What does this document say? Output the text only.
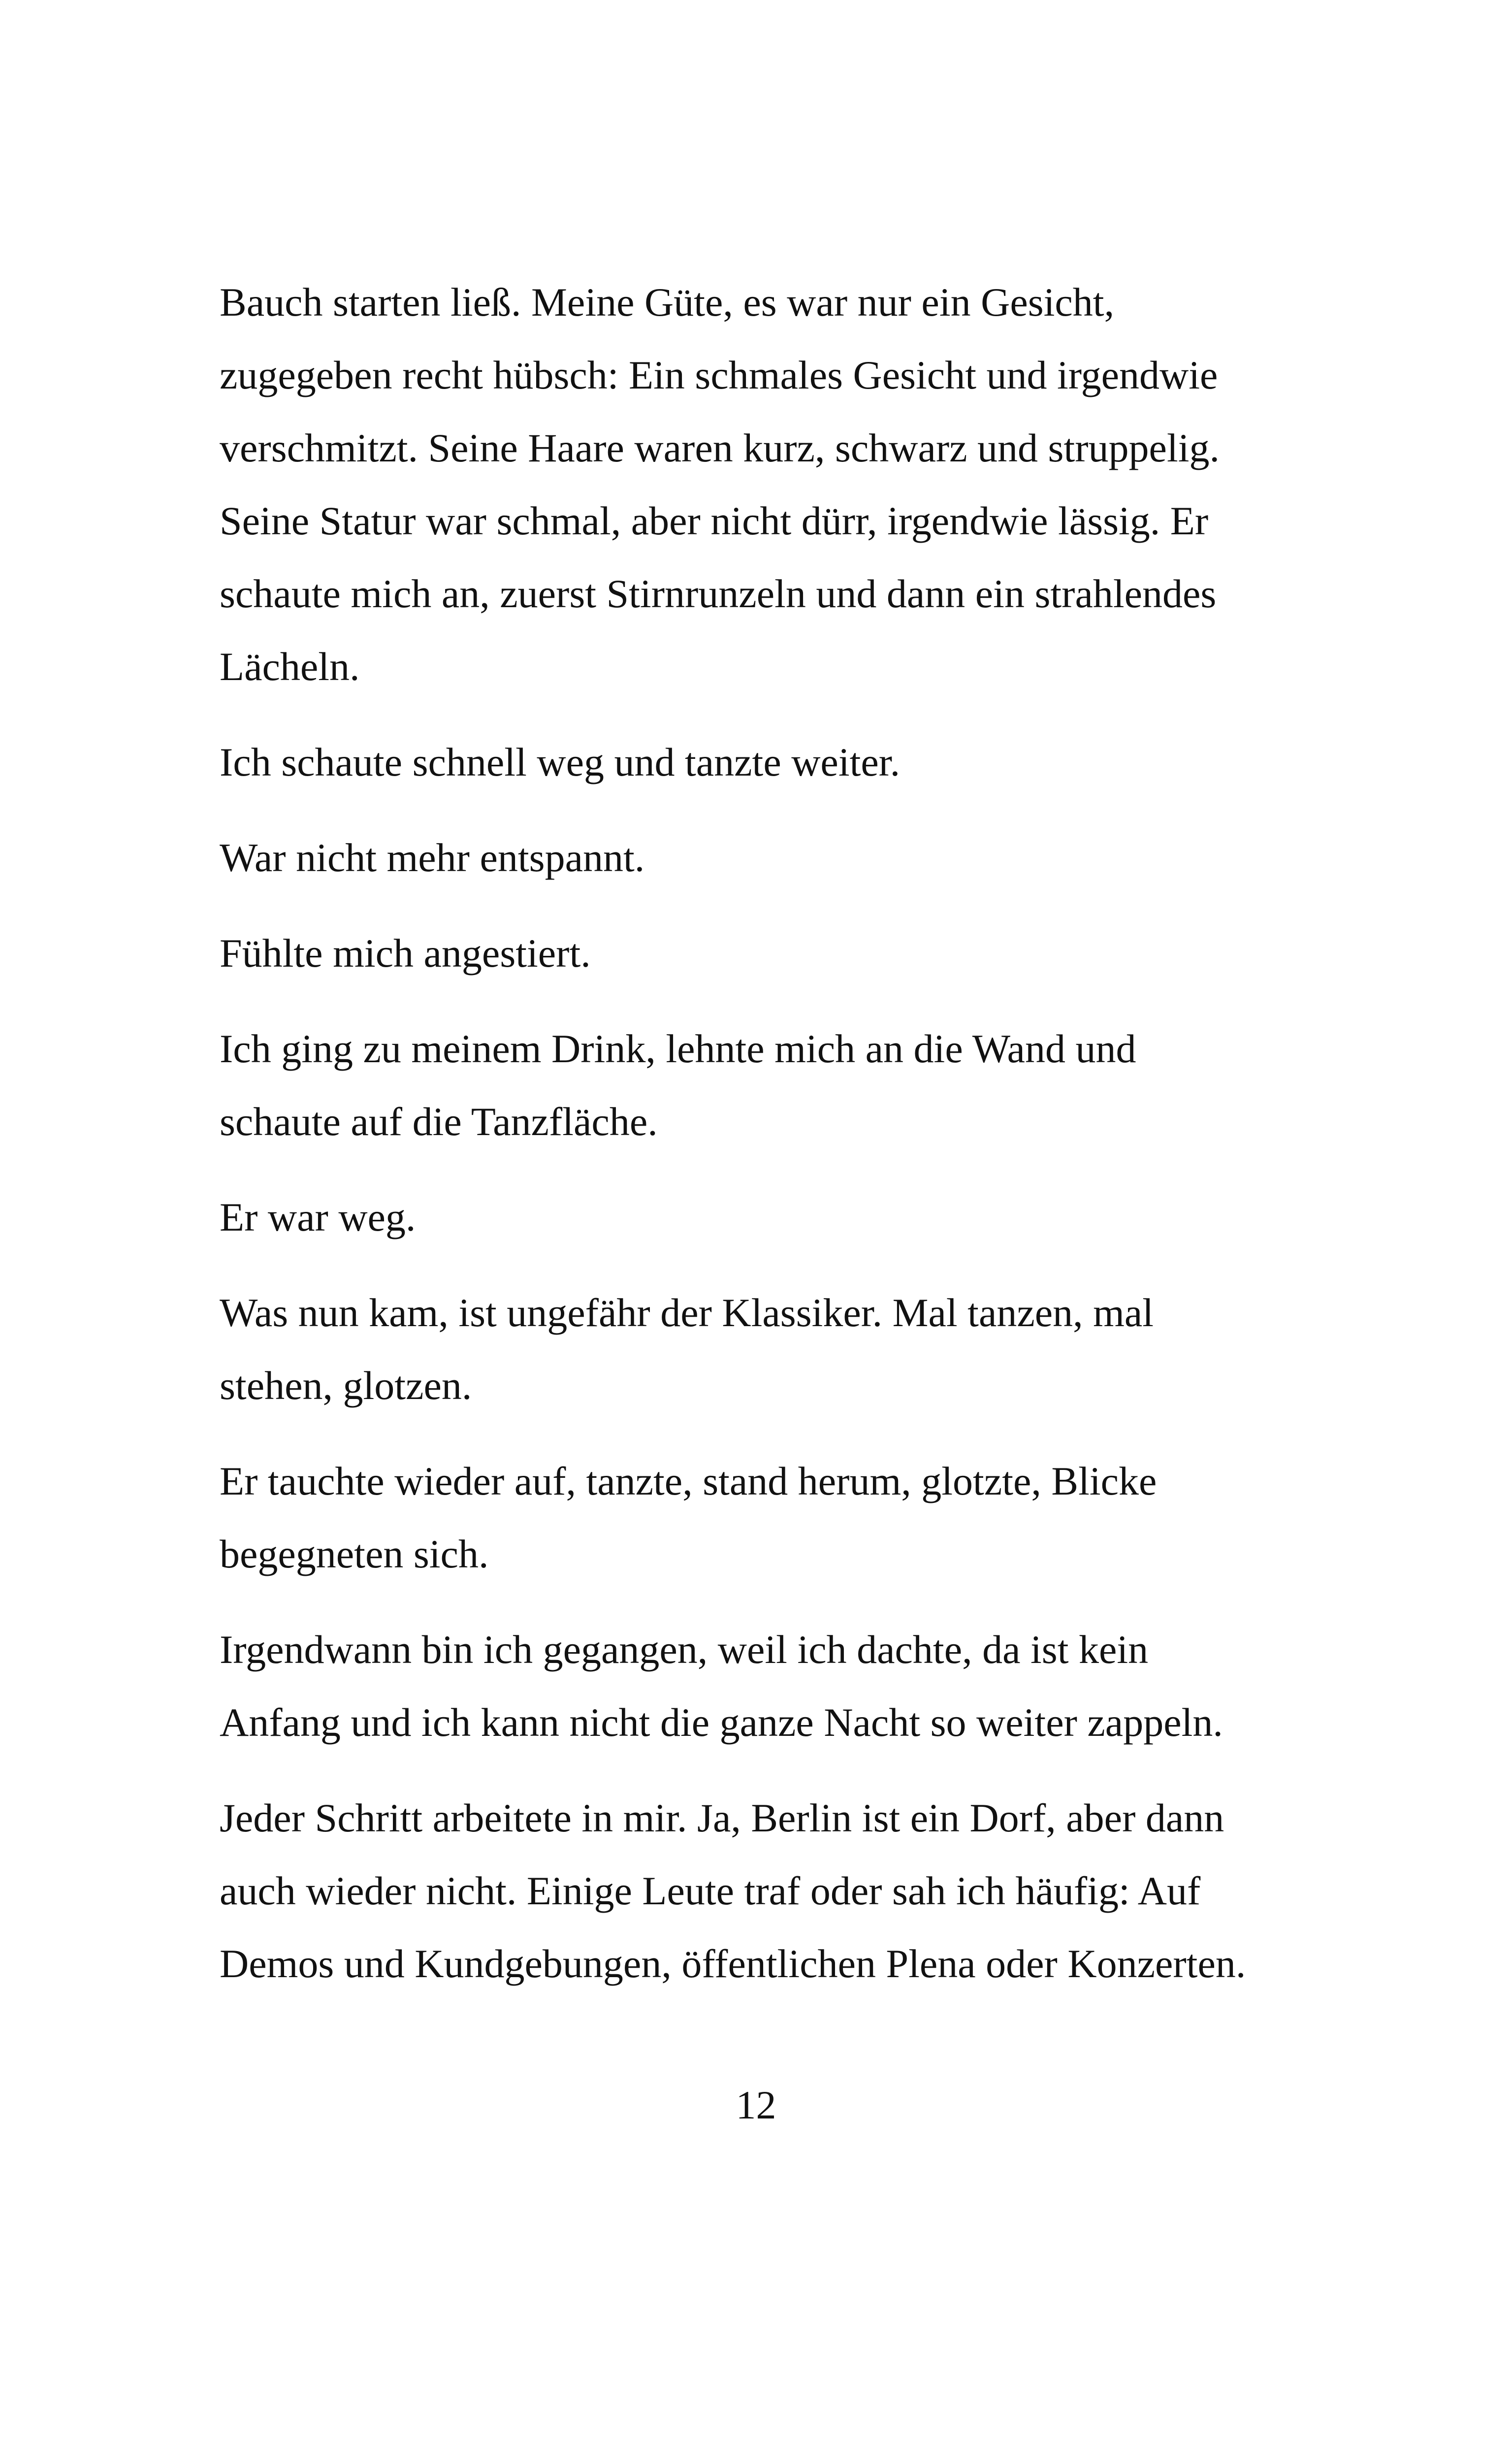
Bauch starten ließ. Meine Güte, es war nur ein Gesicht,
zugegeben recht hübsch: Ein schmales Gesicht und irgendwie
verschmitzt. Seine Haare waren kurz, schwarz und struppelig.
Seine Statur war schmal, aber nicht dürr, irgendwie lässig. Er
schaute mich an, zuerst Stirnrunzeln und dann ein strahlendes
Lächeln.

Ich schaute schnell weg und tanzte weiter.

War nicht mehr entspannt.

Fühlte mich angestiert.

Ich ging zu meinem Drink, lehnte mich an die Wand und
schaute auf die Tanzfläche.

Er war weg.

Was nun kam, ist ungefähr der Klassiker. Mal tanzen, mal
stehen, glotzen.

Er tauchte wieder auf, tanzte, stand herum, glotzte, Blicke
begegneten sich.

Irgendwann bin ich gegangen, weil ich dachte, da ist kein
Anfang und ich kann nicht die ganze Nacht so weiter zappeln.

Jeder Schritt arbeitete in mir. Ja, Berlin ist ein Dorf, aber dann
auch wieder nicht. Einige Leute traf oder sah ich häufig: Auf
Demos und Kundgebungen, öffentlichen Plena oder Konzerten.

12
